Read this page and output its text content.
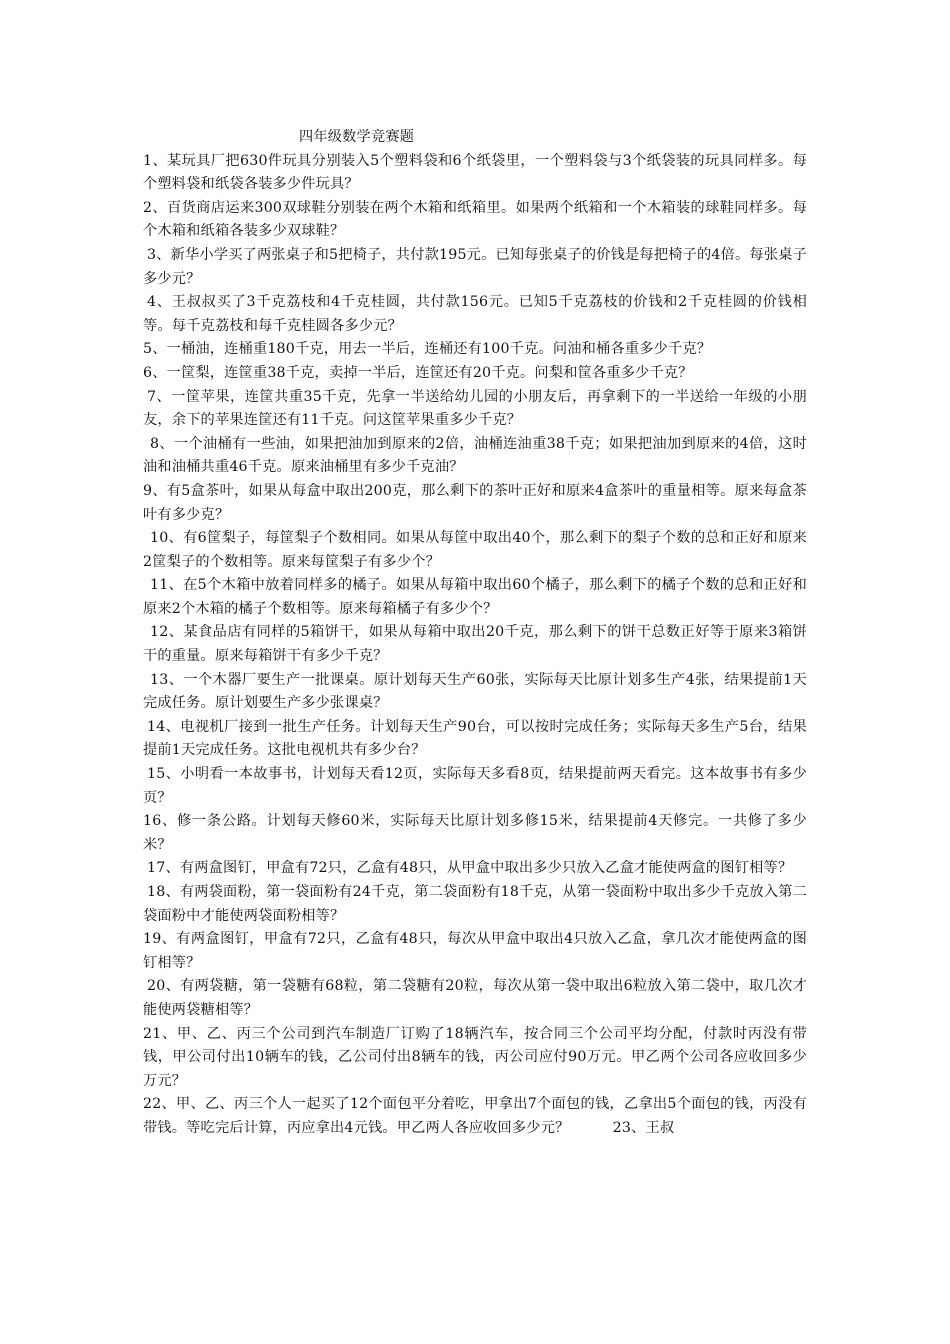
四年级数学竞赛题

1、某玩具厂把630件玩具分别装入5个塑料袋和6个纸袋里，一个塑料袋与3个纸袋装的玩具同样多。每个塑料袋和纸袋各装多少件玩具？

2、百货商店运来300双球鞋分别装在两个木箱和纸箱里。如果两个纸箱和一个木箱装的球鞋同样多。每个木箱和纸箱各装多少双球鞋？

3、新华小学买了两张桌子和5把椅子，共付款195元。已知每张桌子的价钱是每把椅子的4倍。每张桌子多少元？

4、王叔叔买了3千克荔枝和4千克桂圆，共付款156元。已知5千克荔枝的价钱和2千克桂圆的价钱相等。每千克荔枝和每千克桂圆各多少元？

5、一桶油，连桶重180千克，用去一半后，连桶还有100千克。问油和桶各重多少千克？

6、一筐梨，连筐重38千克，卖掉一半后，连筐还有20千克。问梨和筐各重多少千克？

7、一筐苹果，连筐共重35千克，先拿一半送给幼儿园的小朋友后，再拿剩下的一半送给一年级的小朋友，余下的苹果连筐还有11千克。问这筐苹果重多少千克？

8、一个油桶有一些油，如果把油加到原来的2倍，油桶连油重38千克；如果把油加到原来的4倍，这时油和油桶共重46千克。原来油桶里有多少千克油？

9、有5盒茶叶，如果从每盒中取出200克，那么剩下的茶叶正好和原来4盒茶叶的重量相等。原来每盒茶叶有多少克？

10、有6筐梨子，每筐梨子个数相同。如果从每筐中取出40个，那么剩下的梨子个数的总和正好和原来2筐梨子的个数相等。原来每筐梨子有多少个？

11、在5个木箱中放着同样多的橘子。如果从每箱中取出60个橘子，那么剩下的橘子个数的总和正好和原来2个木箱的橘子个数相等。原来每箱橘子有多少个？

12、某食品店有同样的5箱饼干，如果从每箱中取出20千克，那么剩下的饼干总数正好等于原来3箱饼干的重量。原来每箱饼干有多少千克？

13、一个木器厂要生产一批课桌。原计划每天生产60张，实际每天比原计划多生产4张，结果提前1天完成任务。原计划要生产多少张课桌？

14、电视机厂接到一批生产任务。计划每天生产90台，可以按时完成任务；实际每天多生产5台，结果提前1天完成任务。这批电视机共有多少台？

15、小明看一本故事书，计划每天看12页，实际每天多看8页，结果提前两天看完。这本故事书有多少页？

16、修一条公路。计划每天修60米，实际每天比原计划多修15米，结果提前4天修完。一共修了多少米？

17、有两盒图钉，甲盒有72只，乙盒有48只，从甲盒中取出多少只放入乙盒才能使两盒的图钉相等？

18、有两袋面粉，第一袋面粉有24千克，第二袋面粉有18千克，从第一袋面粉中取出多少千克放入第二袋面粉中才能使两袋面粉相等？

19、有两盒图钉，甲盒有72只，乙盒有48只，每次从甲盒中取出4只放入乙盒，拿几次才能使两盒的图钉相等？

20、有两袋糖，第一袋糖有68粒，第二袋糖有20粒，每次从第一袋中取出6粒放入第二袋中，取几次才能使两袋糖相等？

21、甲、乙、丙三个公司到汽车制造厂订购了18辆汽车，按合同三个公司平均分配，付款时丙没有带钱，甲公司付出10辆车的钱，乙公司付出8辆车的钱，丙公司应付90万元。甲乙两个公司各应收回多少万元？

22、甲、乙、丙三个人一起买了12个面包平分着吃，甲拿出7个面包的钱，乙拿出5个面包的钱，丙没有带钱。等吃完后计算，丙应拿出4元钱。甲乙两人各应收回多少元？　　　23、王叔
